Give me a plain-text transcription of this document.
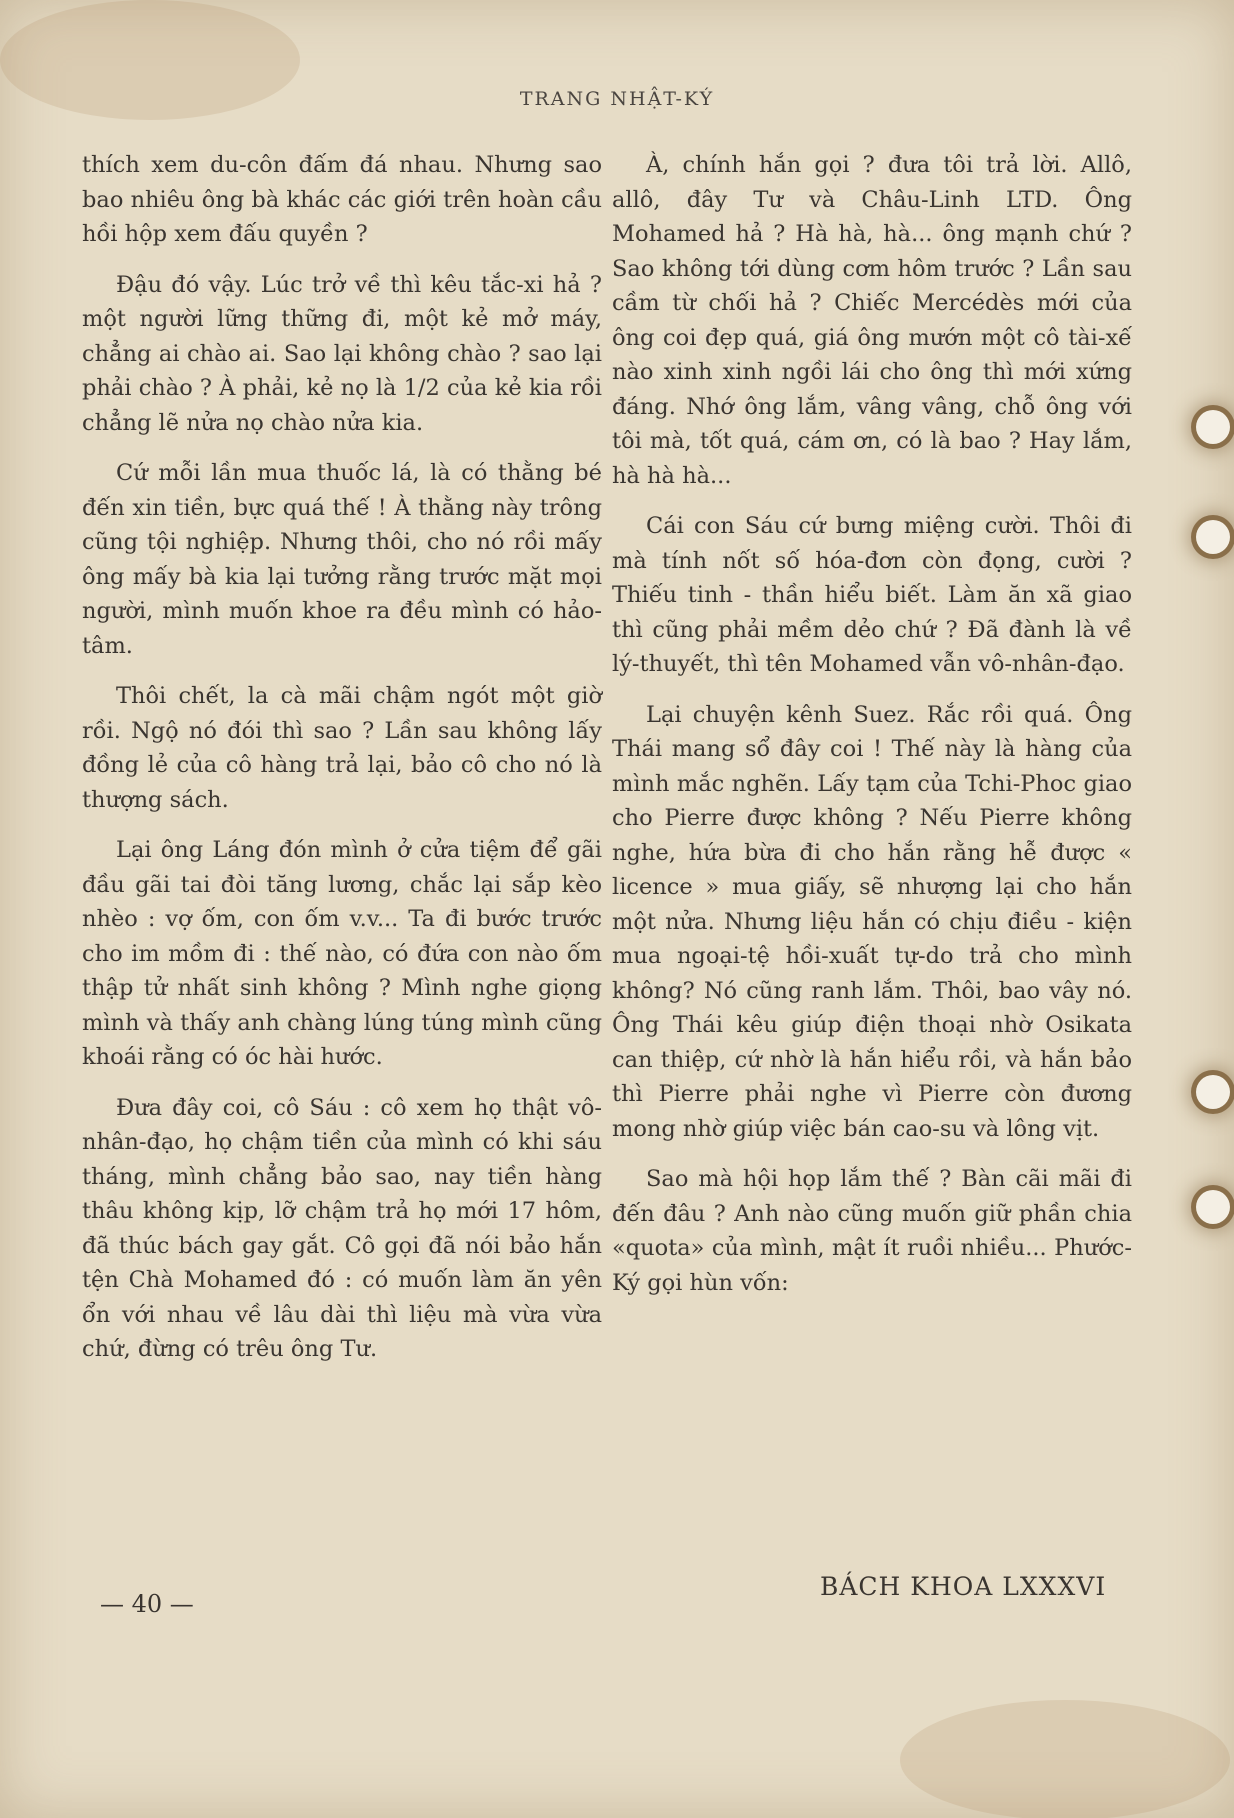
TRANG NHẬT-KÝ

thích xem du-côn đấm đá nhau. Nhưng sao bao nhiêu ông bà khác các giới trên hoàn cầu hồi hộp xem đấu quyền ?

Đậu đó vậy. Lúc trở về thì kêu tắc-xi hả ? một người lững thững đi, một kẻ mở máy, chẳng ai chào ai. Sao lại không chào ? sao lại phải chào ? À phải, kẻ nọ là 1/2 của kẻ kia rồi chẳng lẽ nửa nọ chào nửa kia.

Cứ mỗi lần mua thuốc lá, là có thằng bé đến xin tiền, bực quá thế ! À thằng này trông cũng tội nghiệp. Nhưng thôi, cho nó rồi mấy ông mấy bà kia lại tưởng rằng trước mặt mọi người, mình muốn khoe ra đều mình có hảo-tâm.

Thôi chết, la cà mãi chậm ngót một giờ rồi. Ngộ nó đói thì sao ? Lần sau không lấy đồng lẻ của cô hàng trả lại, bảo cô cho nó là thượng sách.

Lại ông Láng đón mình ở cửa tiệm để gãi đầu gãi tai đòi tăng lương, chắc lại sắp kèo nhèo : vợ ốm, con ốm v.v... Ta đi bước trước cho im mồm đi : thế nào, có đứa con nào ốm thập tử nhất sinh không ? Mình nghe giọng mình và thấy anh chàng lúng túng mình cũng khoái rằng có óc hài hước.

Đưa đây coi, cô Sáu : cô xem họ thật vô-nhân-đạo, họ chậm tiền của mình có khi sáu tháng, mình chẳng bảo sao, nay tiền hàng thâu không kịp, lỡ chậm trả họ mới 17 hôm, đã thúc bách gay gắt. Cô gọi đã nói bảo hắn tện Chà Mohamed đó : có muốn làm ăn yên ổn với nhau về lâu dài thì liệu mà vừa vừa chứ, đừng có trêu ông Tư.

À, chính hắn gọi ? đưa tôi trả lời. Allô, allô, đây Tư và Châu-Linh LTD. Ông Mohamed hả ? Hà hà, hà... ông mạnh chứ ? Sao không tới dùng cơm hôm trước ? Lần sau cầm từ chối hả ? Chiếc Mercédès mới của ông coi đẹp quá, giá ông mướn một cô tài-xế nào xinh xinh ngồi lái cho ông thì mới xứng đáng. Nhớ ông lắm, vâng vâng, chỗ ông với tôi mà, tốt quá, cám ơn, có là bao ? Hay lắm, hà hà hà...

Cái con Sáu cứ bưng miệng cười. Thôi đi mà tính nốt số hóa-đơn còn đọng, cười ? Thiếu tinh - thần hiểu biết. Làm ăn xã giao thì cũng phải mềm dẻo chứ ? Đã đành là về lý-thuyết, thì tên Mohamed vẫn vô-nhân-đạo.

Lại chuyện kênh Suez. Rắc rồi quá. Ông Thái mang sổ đây coi ! Thế này là hàng của mình mắc nghẽn. Lấy tạm của Tchi-Phoc giao cho Pierre được không ? Nếu Pierre không nghe, hứa bừa đi cho hắn rằng hễ được « licence » mua giấy, sẽ nhượng lại cho hắn một nửa. Nhưng liệu hắn có chịu điều - kiện mua ngoại-tệ hồi-xuất tự-do trả cho mình không? Nó cũng ranh lắm. Thôi, bao vây nó. Ông Thái kêu giúp điện thoại nhờ Osikata can thiệp, cứ nhờ là hắn hiểu rồi, và hắn bảo thì Pierre phải nghe vì Pierre còn đương mong nhờ giúp việc bán cao-su và lông vịt.

Sao mà hội họp lắm thế ? Bàn cãi mãi đi đến đâu ? Anh nào cũng muốn giữ phần chia «quota» của mình, mật ít ruồi nhiều... Phước-Ký gọi hùn vốn:

— 40 —
BÁCH KHOA LXXXVI
